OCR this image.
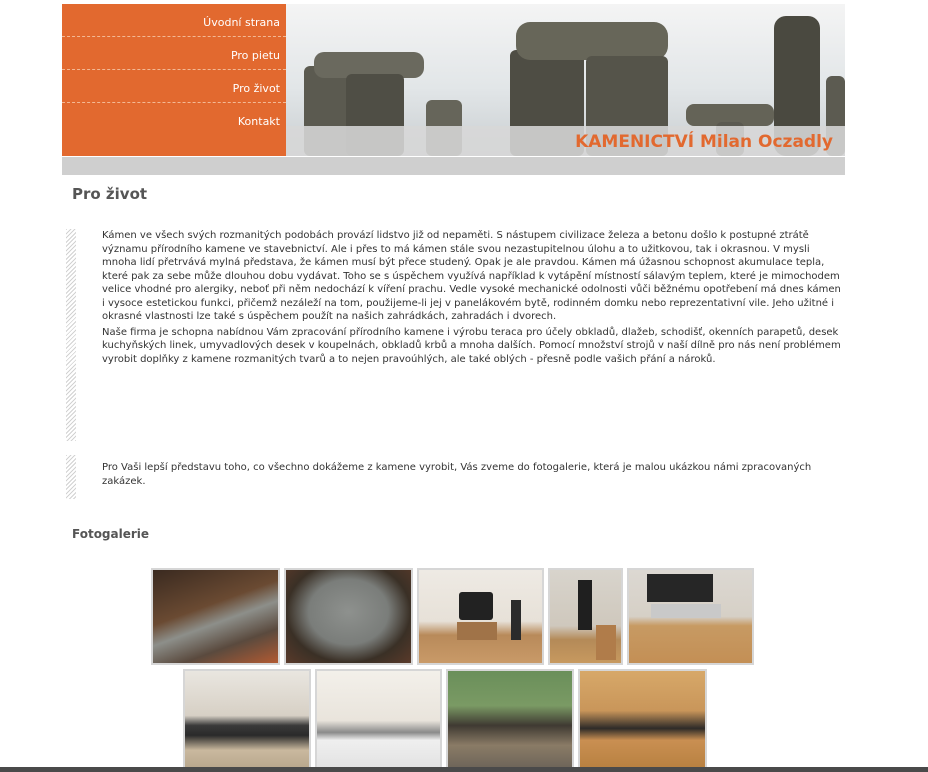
Úvodní strana
Pro pietu
Pro život
Kontakt
KAMENICTVÍ Milan Oczadly
Pro život

Kámen ve všech svých rozmanitých podobách provází lidstvo již od nepaměti. S nástupem civilizace železa a betonu došlo k postupné ztrátě významu přírodního kamene ve stavebnictví. Ale i přes to má kámen stále svou nezastupitelnou úlohu a to užitkovou, tak i okrasnou. V mysli mnoha lidí přetrvává mylná představa, že kámen musí být přece studený. Opak je ale pravdou. Kámen má úžasnou schopnost akumulace tepla, které pak za sebe může dlouhou dobu vydávat. Toho se s úspěchem využívá například k vytápění místností sálavým teplem, které je mimochodem velice vhodné pro alergiky, neboť při něm nedochází k víření prachu. Vedle vysoké mechanické odolnosti vůči běžnému opotřebení má dnes kámen i vysoce estetickou funkci, přičemž nezáleží na tom, použijeme-li jej v panelákovém bytě, rodinném domku nebo reprezentativní vile. Jeho užitné i okrasné vlastnosti lze také s úspěchem použít na našich zahrádkách, zahradách i dvorech.

Naše firma je schopna nabídnou Vám zpracování přírodního kamene i výrobu teraca pro účely obkladů, dlažeb, schodišť, okenních parapetů, desek kuchyňských linek, umyvadlových desek v koupelnách, obkladů krbů a mnoha dalších. Pomocí množství strojů v naší dílně pro nás není problémem vyrobit doplňky z kamene rozmanitých tvarů a to nejen pravoúhlých, ale také oblých - přesně podle vašich přání a nároků.

Pro Vaši lepší představu toho, co všechno dokážeme z kamene vyrobit, Vás zveme do fotogalerie, která je malou ukázkou námi zpracovaných zakázek.

Fotogalerie
